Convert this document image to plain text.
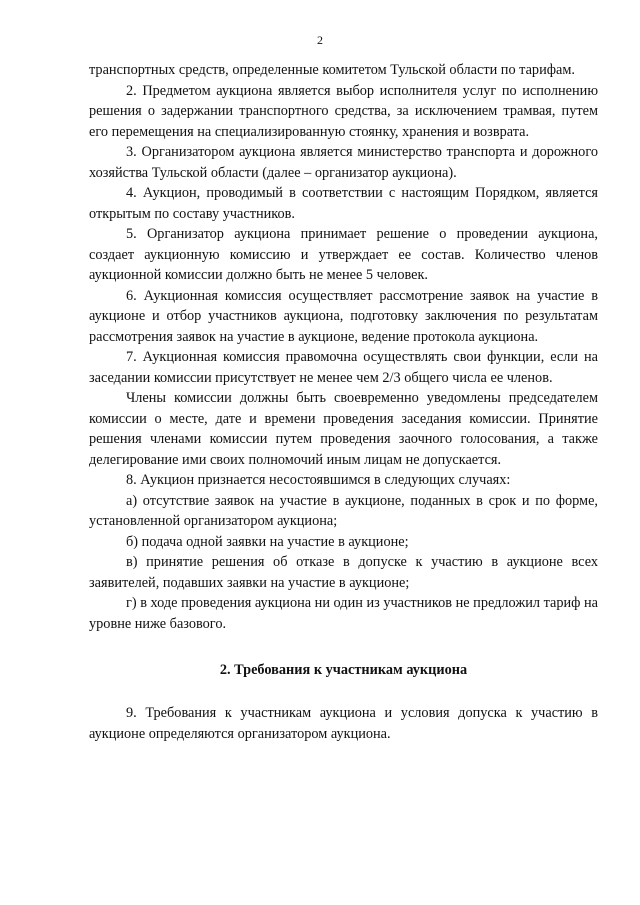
2

транспортных средств, определенные комитетом Тульской области по тарифам.

2. Предметом аукциона является выбор исполнителя услуг по исполнению решения о задержании транспортного средства, за исключением трамвая, путем его перемещения на специализированную стоянку, хранения и возврата.

3. Организатором аукциона является министерство транспорта и дорожного хозяйства Тульской области (далее – организатор аукциона).

4. Аукцион, проводимый в соответствии с настоящим Порядком, является открытым по составу участников.

5. Организатор аукциона принимает решение о проведении аукциона, создает аукционную комиссию и утверждает ее состав. Количество членов аукционной комиссии должно быть не менее 5 человек.

6. Аукционная комиссия осуществляет рассмотрение заявок на участие в аукционе и отбор участников аукциона, подготовку заключения по результатам рассмотрения заявок на участие в аукционе, ведение протокола аукциона.

7. Аукционная комиссия правомочна осуществлять свои функции, если на заседании комиссии присутствует не менее чем 2/3 общего числа ее членов.

Члены комиссии должны быть своевременно уведомлены председателем комиссии о месте, дате и времени проведения заседания комиссии. Принятие решения членами комиссии путем проведения заочного голосования, а также делегирование ими своих полномочий иным лицам не допускается.

8. Аукцион признается несостоявшимся в следующих случаях:

а) отсутствие заявок на участие в аукционе, поданных в срок и по форме, установленной организатором аукциона;

б) подача одной заявки на участие в аукционе;

в) принятие решения об отказе в допуске к участию в аукционе всех заявителей, подавших заявки на участие в аукционе;

г) в ходе проведения аукциона ни один из участников не предложил тариф на уровне ниже базового.

2. Требования к участникам аукциона

9. Требования к участникам аукциона и условия допуска к участию в аукционе определяются организатором аукциона.
